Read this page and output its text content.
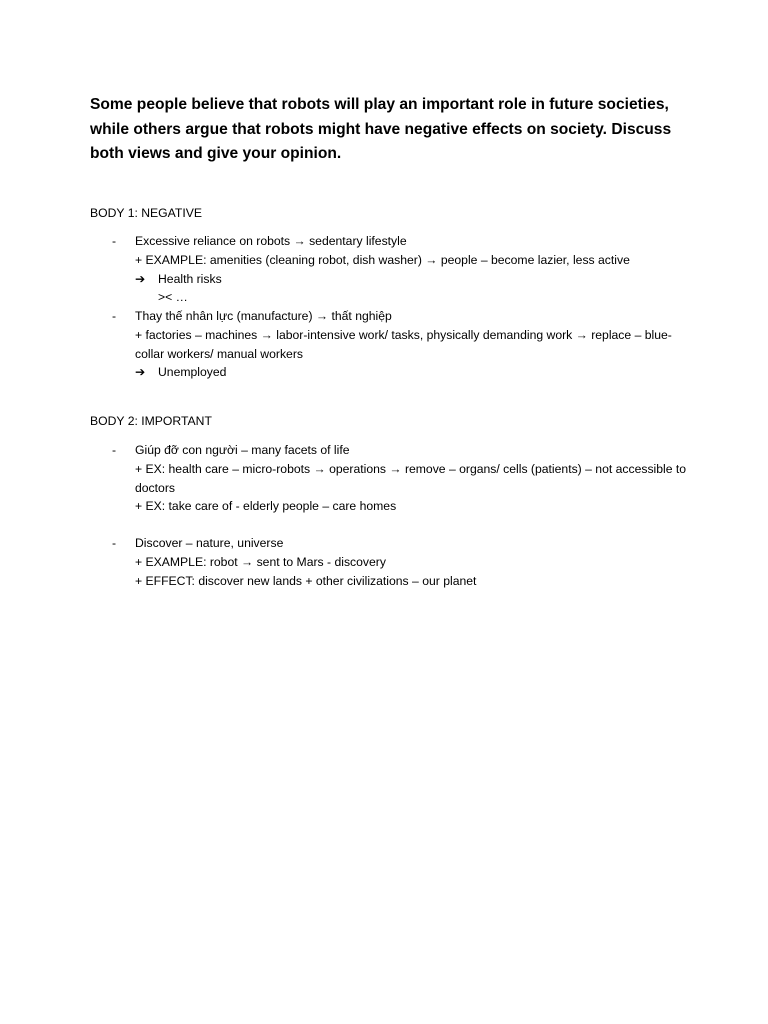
Some people believe that robots will play an important role in future societies, while others argue that robots might have negative effects on society. Discuss both views and give your opinion.

BODY 1: NEGATIVE

- Excessive reliance on robots → sedentary lifestyle
+ EXAMPLE: amenities (cleaning robot, dish washer) → people – become lazier, less active
➔ Health risks
>< …
- Thay thế nhân lực (manufacture) → thất nghiệp
+ factories – machines → labor-intensive work/ tasks, physically demanding work → replace – blue-collar workers/ manual workers
➔ Unemployed

BODY 2: IMPORTANT

- Giúp đỡ con người – many facets of life
+ EX: health care – micro-robots → operations → remove – organs/ cells (patients) – not accessible to doctors
+ EX: take care of - elderly people – care homes
- Discover – nature, universe
+ EXAMPLE: robot → sent to Mars - discovery
+ EFFECT: discover new lands + other civilizations – our planet
